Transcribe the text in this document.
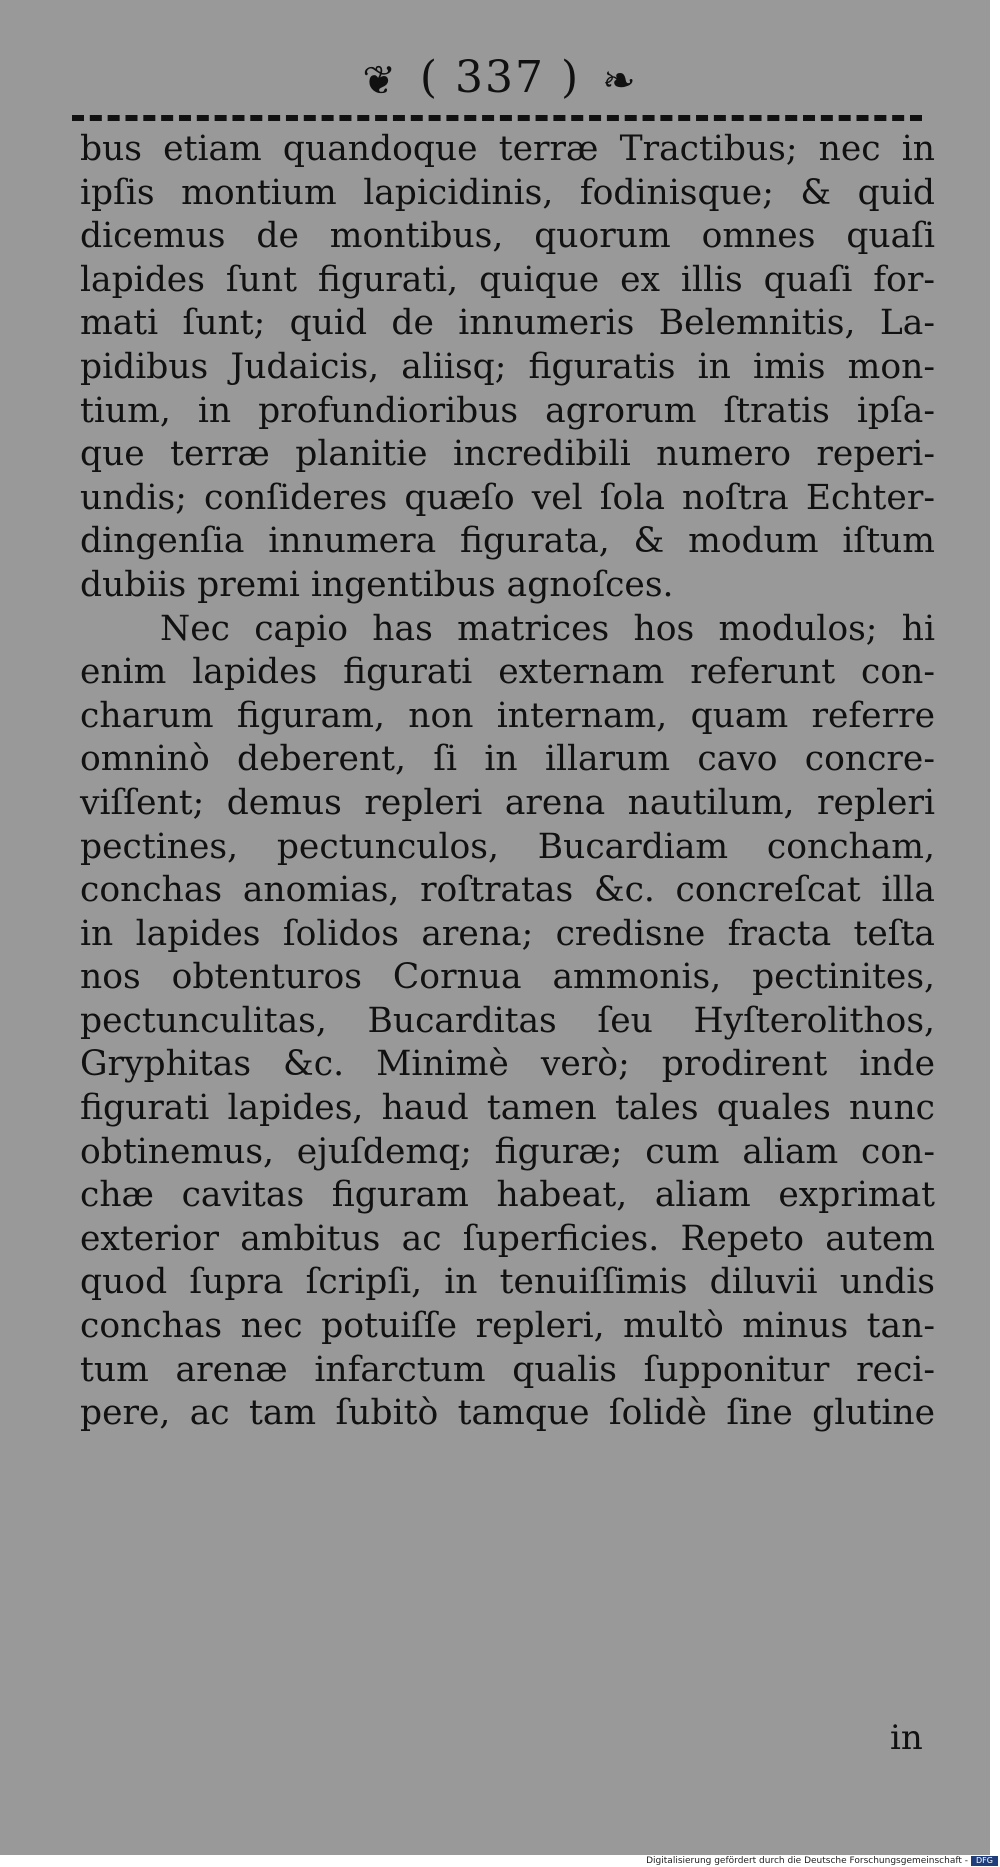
❦ ( 337 ) ❧
bus etiam quandoque terræ Tractibus; nec in
ipſis montium lapicidinis, fodinisque; & quid
dicemus de montibus, quorum omnes quaſi
lapides ſunt figurati, quique ex illis quaſi for-
mati ſunt; quid de innumeris Belemnitis, La-
pidibus Judaicis, aliisq; figuratis in imis mon-
tium, in profundioribus agrorum ſtratis ipſa-
que terræ planitie incredibili numero reperi-
undis; conſideres quæſo vel ſola noſtra Echter-
dingenſia innumera figurata, & modum iſtum
dubiis premi ingentibus agnoſces.
Nec capio has matrices hos modulos; hi
enim lapides figurati externam referunt con-
charum figuram, non internam, quam referre
omninò deberent, ſi in illarum cavo concre-
viſſent; demus repleri arena nautilum, repleri
pectines, pectunculos, Bucardiam concham,
conchas anomias, roſtratas &c. concreſcat illa
in lapides ſolidos arena; credisne fracta teſta
nos obtenturos Cornua ammonis, pectinites,
pectunculitas, Bucarditas ſeu Hyſterolithos,
Gryphitas &c. Minimè verò; prodirent inde
figurati lapides, haud tamen tales quales nunc
obtinemus, ejuſdemq; figuræ; cum aliam con-
chæ cavitas figuram habeat, aliam exprimat
exterior ambitus ac ſuperficies. Repeto autem
quod ſupra ſcripſi, in tenuiſſimis diluvii undis
conchas nec potuiſſe repleri, multò minus tan-
tum arenæ infarctum qualis ſupponitur reci-
pere, ac tam ſubitò tamque ſolidè ſine glutine
in
Digitalisierung gefördert durch die Deutsche Forschungsgemeinschaft -	DFG
